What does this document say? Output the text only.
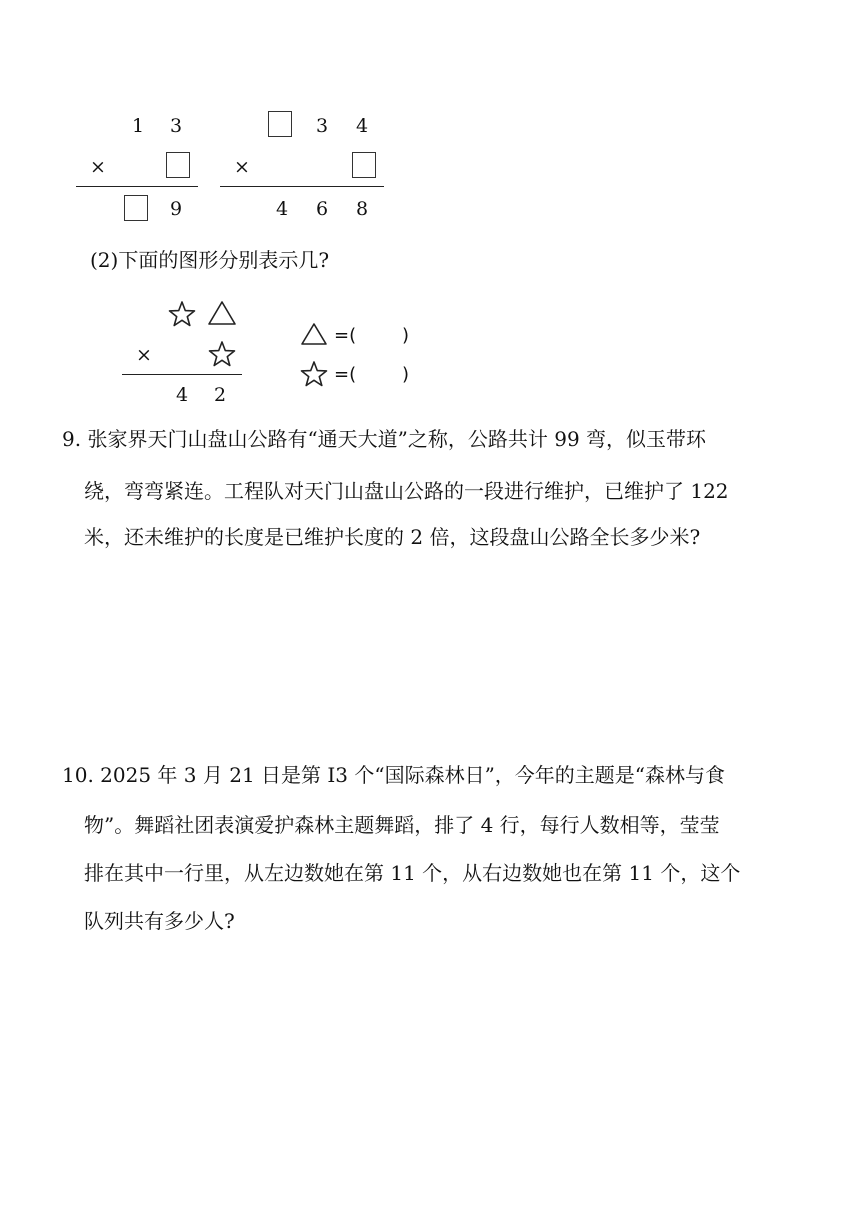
1 3
×
9
3 4
×
4 6 8
(2)下面的图形分别表示几?
×
4 2
=(	)
=(	)
9. 张家界天门山盘山公路有“通天大道”之称，公路共计 99 弯，似玉带环
绕，弯弯紧连。工程队对天门山盘山公路的一段进行维护，已维护了 122
米，还未维护的长度是已维护长度的 2 倍，这段盘山公路全长多少米?
10. 2025 年 3 月 21 日是第 I3 个“国际森林日”，今年的主题是“森林与食
物”。舞蹈社团表演爱护森林主题舞蹈，排了 4 行，每行人数相等，莹莹
排在其中一行里，从左边数她在第 11 个，从右边数她也在第 11 个，这个
队列共有多少人?
